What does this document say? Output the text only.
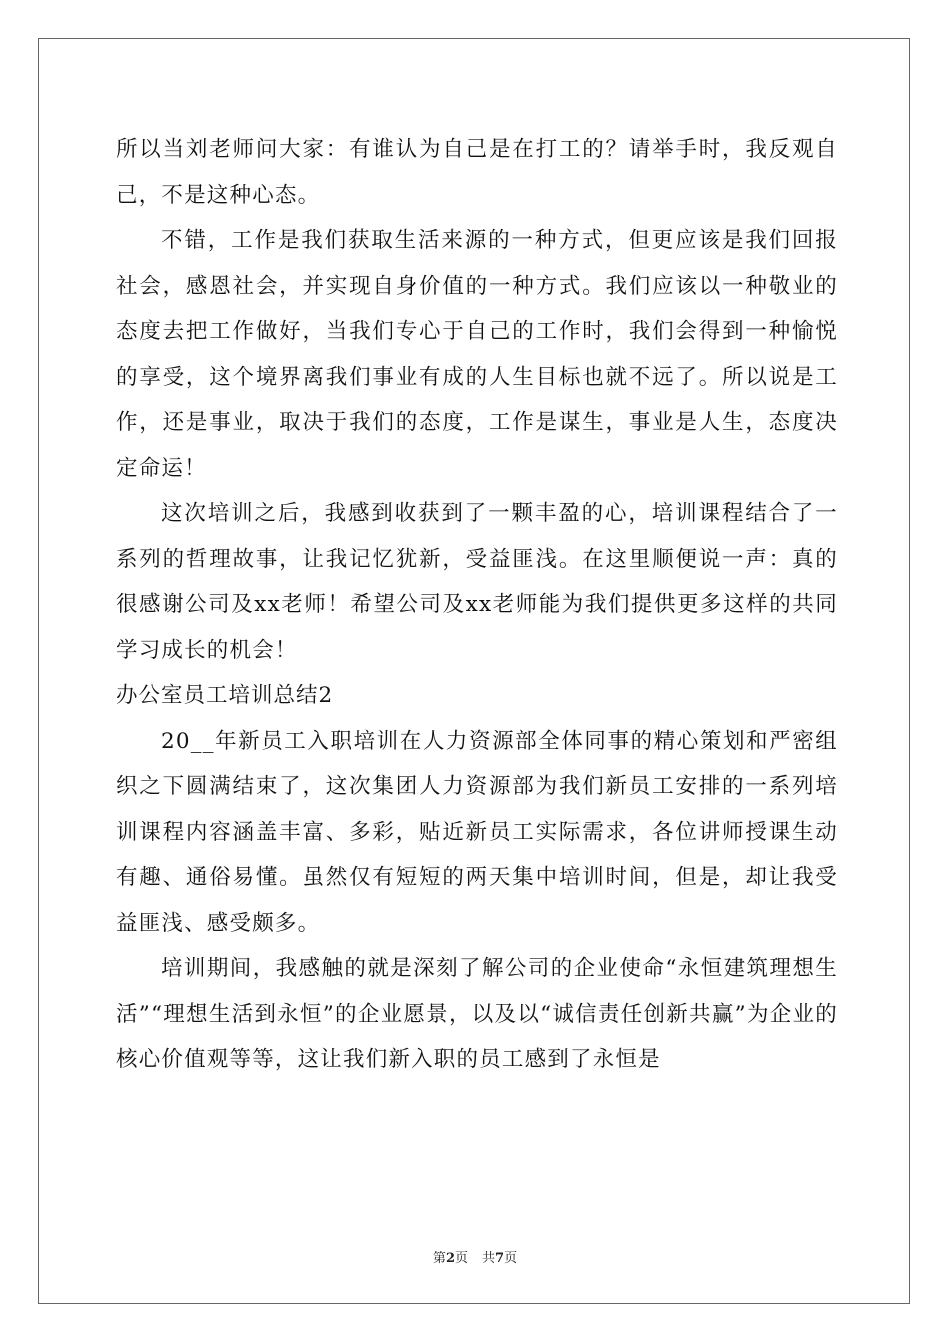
所以当刘老师问大家：有谁认为自己是在打工的？请举手时，我反观自己，不是这种心态。

不错，工作是我们获取生活来源的一种方式，但更应该是我们回报社会，感恩社会，并实现自身价值的一种方式。我们应该以一种敬业的态度去把工作做好，当我们专心于自己的工作时，我们会得到一种愉悦的享受，这个境界离我们事业有成的人生目标也就不远了。所以说是工作，还是事业，取决于我们的态度，工作是谋生，事业是人生，态度决定命运！

这次培训之后，我感到收获到了一颗丰盈的心，培训课程结合了一系列的哲理故事，让我记忆犹新，受益匪浅。在这里顺便说一声：真的很感谢公司及xx老师！希望公司及xx老师能为我们提供更多这样的共同学习成长的机会！

办公室员工培训总结2

20__年新员工入职培训在人力资源部全体同事的精心策划和严密组织之下圆满结束了，这次集团人力资源部为我们新员工安排的一系列培训课程内容涵盖丰富、多彩，贴近新员工实际需求，各位讲师授课生动有趣、通俗易懂。虽然仅有短短的两天集中培训时间，但是，却让我受益匪浅、感受颇多。

培训期间，我感触的就是深刻了解公司的企业使命“永恒建筑理想生活”“理想生活到永恒”的企业愿景，以及以“诚信责任创新共赢”为企业的核心价值观等等，这让我们新入职的员工感到了永恒是

第2页 共7页
